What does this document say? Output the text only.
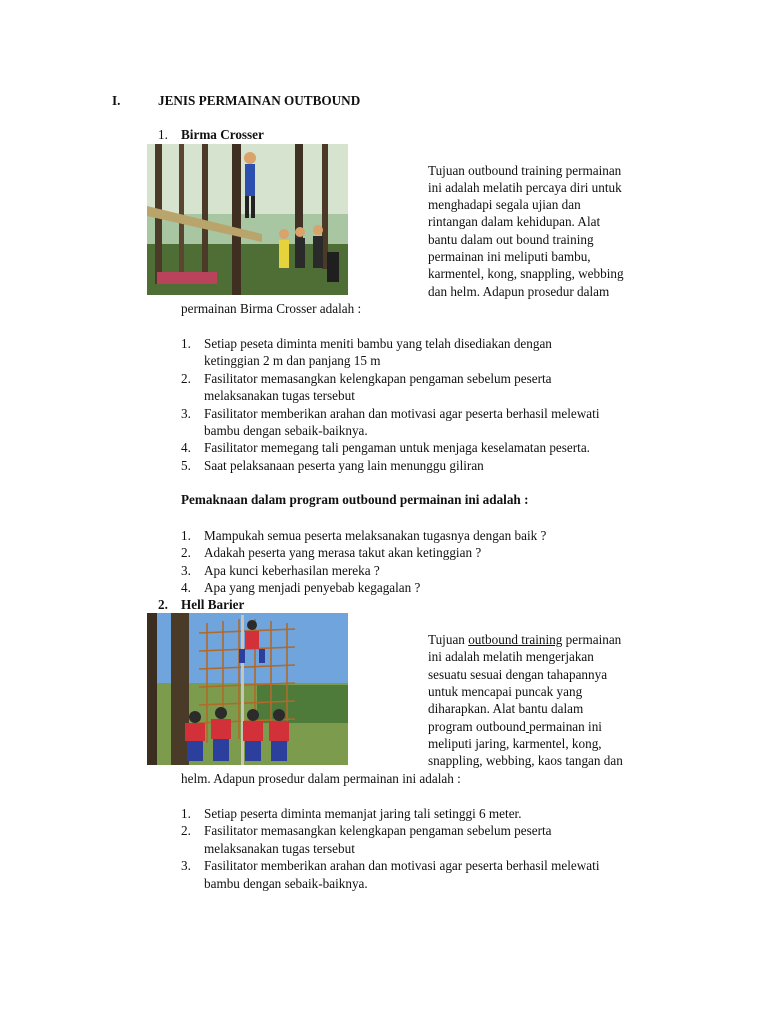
I.	JENIS PERMAINAN OUTBOUND
1. Birma Crosser
Tujuan outbound training permainan
ini adalah melatih percaya diri untuk
menghadapi segala ujian dan
rintangan dalam kehidupan. Alat
bantu dalam out bound training
permainan ini meliputi bambu,
karmentel, kong, snappling, webbing
dan helm. Adapun prosedur dalam
permainan Birma Crosser adalah :
1. Setiap peseta diminta meniti bambu yang telah disediakan dengan
ketinggian 2 m dan panjang 15 m
2. Fasilitator memasangkan kelengkapan pengaman sebelum peserta
melaksanakan tugas tersebut
3. Fasilitator memberikan arahan dan motivasi agar peserta berhasil melewati
bambu dengan sebaik-baiknya.
4. Fasilitator memegang tali pengaman untuk menjaga keselamatan peserta.
5. Saat pelaksanaan peserta yang lain menunggu giliran
Pemaknaan dalam program outbound permainan ini adalah :
1. Mampukah semua peserta melaksanakan tugasnya dengan baik ?
2. Adakah peserta yang merasa takut akan ketinggian ?
3. Apa kunci keberhasilan mereka ?
4. Apa yang menjadi penyebab kegagalan ?
2. Hell Barier
Tujuan outbound training permainan
ini adalah melatih mengerjakan
sesuatu sesuai dengan tahapannya
untuk mencapai puncak yang
diharapkan. Alat bantu dalam
program outbound permainan ini
meliputi jaring, karmentel, kong,
snappling, webbing, kaos tangan dan
helm. Adapun prosedur dalam permainan ini adalah :
1. Setiap peserta diminta memanjat jaring tali setinggi 6 meter.
2. Fasilitator memasangkan kelengkapan pengaman sebelum peserta
melaksanakan tugas tersebut
3. Fasilitator memberikan arahan dan motivasi agar peserta berhasil melewati
bambu dengan sebaik-baiknya.
